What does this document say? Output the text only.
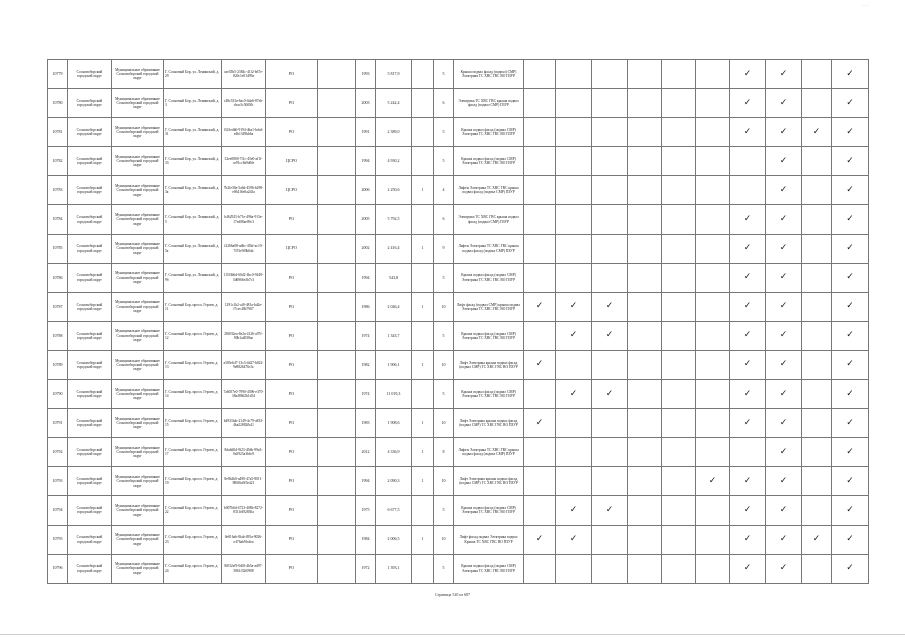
— —
10779	Сосновоборский городской округ	Муниципальное образование Сосновоборский городской округ	Г. Сосновый Бор, ул. Ленинский, д. 29	cae35b5-2384c-41f2-b67e-820c1e01499a	РО		1993	5 817,9		5	Крыша подвал фасад (подвал) СМР) Электрика ТС ХВС ГВС ВО ПЗУР							✓	✓		✓
10780	Сосновоборский городской округ	Муниципальное образование Сосновоборский городской округ	Г. Сосновый Бор, ул. Ленинский, д. 3	c48c533a-6ac0-4da6-87eb-cbac3c50f0fb	РО		2003	5 242,4		6	Электрика ТС ХВС ГВС крыша подвал фасад (подвал СМР) ПЗУР							✓	✓		✓
10781	Сосновоборский городской округ	Муниципальное образование Сосновоборский городской округ	Г. Сосновый Бор, ул. Ленинский, д. 31	f341edb0-9194-4ba1-bcbd-e4b1349bb6a	РО		1991	2 389,0		5	Крыша подвал фасад (подвал СМР) Электрика ТС ХВС ГВС ВО ПЗУР							✓	✓	✓	✓
10782	Сосновоборский городской округ	Муниципальное образование Сосновоборский городской округ	Г. Сосновый Бор, ул. Ленинский, д. 33	32ee0800-7f1c-45e0-af1f-ce91cc8a9d6fe	ЦСРО		1994	4 930,2		5	Крыша подвал фасад (подвал СМР) Электрика ТС ХВС ГВС ВО ПЗУР								✓		✓
10783	Сосновоборский городской округ	Муниципальное образование Сосновоборский городской округ	Г. Сосновый Бор, ул. Ленинский, д. 3а	7b2fe39a-5a6d-4596-b298-e06416e0a2d3a	ЦСРО		2006	2 250,6	1	4	Лифты Электрика ТС ХВС ГВС крыша подвал фасад (подвал СМР) ПЗУР								✓		✓
10784	Сосновоборский городской округ	Муниципальное образование Сосновоборский городской округ	Г. Сосновый Бор, ул. Ленинский, д. 5	b462925-b71e-496a-913e-17ed08ae09c3	РО		2005	5 792,5		6	Электрика ТС ХВС ГВС крыша подвал фасад (подвал СМР) ПЗУР							✓	✓		✓
10785	Сосновоборский городской округ	Муниципальное образование Сосновоборский городской округ	Г. Сосновый Бор, ул. Ленинский, д. 5а	f2266a08-ad6c-45bf-ac10-7f53e9f0b0ab	ЦСРО		2002	2 416,4	1	9	Лифты Электрика ТС ХВС ГВС крыша подвал фасад (подвал СМР) ПЗУР							✓	✓		✓
10786	Сосновоборский городской округ	Муниципальное образование Сосновоборский городской округ	Г. Сосновый Бор, ул. Ленинский, д. 9б	1f5f3b6d-60d2-4bc0-9449-3d6966e3b7c3	РО		1994	543,8		5	Крыша подвал фасад (подвал СМР) Электрика ТС ХВС ГВС ВО ПЗУР							✓	✓		✓
10787	Сосновоборский городской округ	Муниципальное образование Сосновоборский городской округ	Г. Сосновый Бор, просп. Героев, д. 11	1291c1b2-af0-481a-bd2e-f7cec40b7967	РО		1986	2 046,4	1	10	Лифт фасад (подвал СМР) крыша подвал Электрика ТС ХВС ГВС ВО ПЗУР	✓	✓	✓				✓	✓		✓
10788	Сосновоборский городской округ	Муниципальное образование Сосновоборский городской округ	Г. Сосновый Бор, просп. Героев, д. 12	28f032ea-8e2a-4126-a97f-90b1a4038ae	РО		1974	1 343,7		5	Крыша подвал фасад (подвал СМР) Электрика ТС ХВС ГВС ВО ПЗУР		✓	✓				✓	✓		✓
10789	Сосновоборский городской округ	Муниципальное образование Сосновоборский городской округ	Г. Сосновый Бор, просп. Героев, д. 13	a305eb47-13c3-4d27-b822-9e8826476c3c	РО		1982	1 906,1	1	10	Лифт Электрика крыша подвал фасад (подвал СМР) ТС ХВС ГВС ВО ПЗУР	✓						✓	✓		✓
10790	Сосновоборский городской округ	Муниципальное образование Сосновоборский городской округ	Г. Сосновый Бор, просп. Героев, д. 14	7a6057e0-7990-4396-e370-38a48662b1d54	РО		1974	11 019,3		5	Крыша подвал фасад (подвал СМР) Электрика ТС ХВС ГВС ВО ПЗУР		✓	✓				✓	✓		✓
10791	Сосновоборский городской округ	Муниципальное образование Сосновоборский городской округ	Г. Сосновый Бор, просп. Героев, д. 15	b4933fab-2149-4c79-a833-4ba22882fb41	РО		1983	1 908,6	1	10	Лифт Электрика крыша подвал фасад (подвал СМР) ТС ХВС ГВС ВО ПЗУР	✓						✓	✓		✓
10792	Сосновоборский городской округ	Муниципальное образование Сосновоборский городской округ	Г. Сосновый Бор, просп. Героев, д. 17	8da6d0d-9f23-45db-99a3-0a5923a3b6c9	РО		2012	4 336,9	1	8	Лифты Электрика ТС ХВС ГВС крыша подвал фасад (подвал СМР) ПЗУР								✓		✓
10793	Сосновоборский городской округ	Муниципальное образование Сосновоборский городской округ	Г. Сосновый Бор, просп. Героев, д. 19	8e9b2b0-a490-47a5-8011-880f6a9f5e421	РО		1994	2 090,3	1	10	Лифт Электрика крыша подвал фасад (подвал СМР) ТС ХВС ГВС ВО ПЗУР						✓	✓	✓		✓
10794	Сосновоборский городской округ	Муниципальное образование Сосновоборский городской округ	Г. Сосновый Бор, просп. Героев, д. 22	b007b6d-4723-408b-8272-8311fd92836a	РО		1975	6 677,5		5	Крыша подвал фасад (подвал СМР) Электрика ТС ХВС ГВС ВО ПЗУР		✓	✓				✓	✓		✓
10795	Сосновоборский городской округ	Муниципальное образование Сосновоборский городской округ	Г. Сосновый Бор, просп. Героев, д. 23	0e816ab-8fab-495a-9026-e476ab9fcdea	РО		1984	2 006,5	1	10	Лифт фасад подвал Электрика подвал Крыша ТС ХВС ГВС ВО ПЗУР	✓	✓					✓	✓	✓	✓
10796	Сосновоборский городской округ	Муниципальное образование Сосновоборский городской округ	Г. Сосновый Бор, просп. Героев, д. 24	8f032ef9-0d0f-4b5a-ad97-5861f32f0988	РО		1972	1 393,1		5	Крыша подвал фасад (подвал СМР) Электрика ТС ХВС ГВС ВО ПЗУР							✓	✓		✓
Страница 520 из 687
